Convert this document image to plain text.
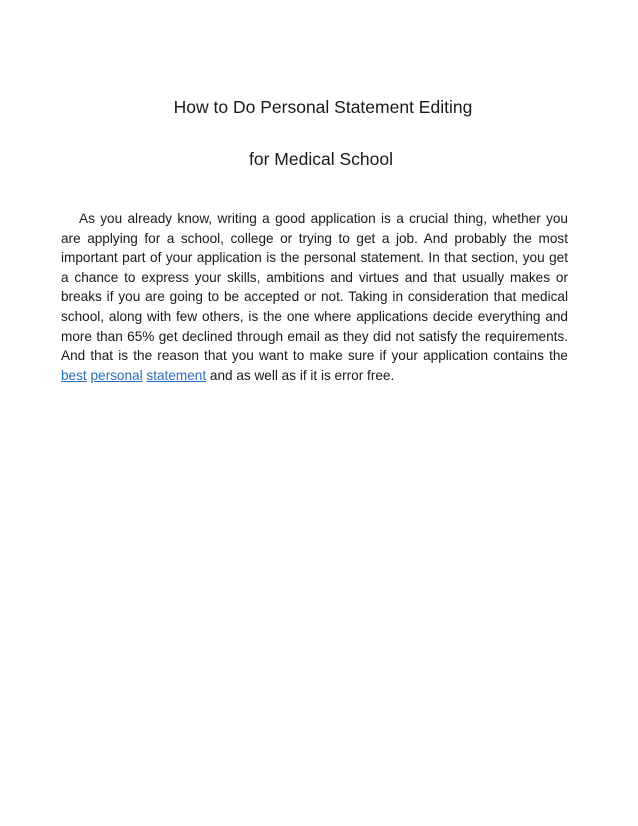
How to Do Personal Statement Editing
for Medical School

As you already know, writing a good application is a crucial thing, whether you are applying for a school, college or trying to get a job. And probably the most important part of your application is the personal statement. In that section, you get a chance to express your skills, ambitions and virtues and that usually makes or breaks if you are going to be accepted or not. Taking in consideration that medical school, along with few others, is the one where applications decide everything and more than 65% get declined through email as they did not satisfy the requirements. And that is the reason that you want to make sure if your application contains the best personal statement and as well as if it is error free.
